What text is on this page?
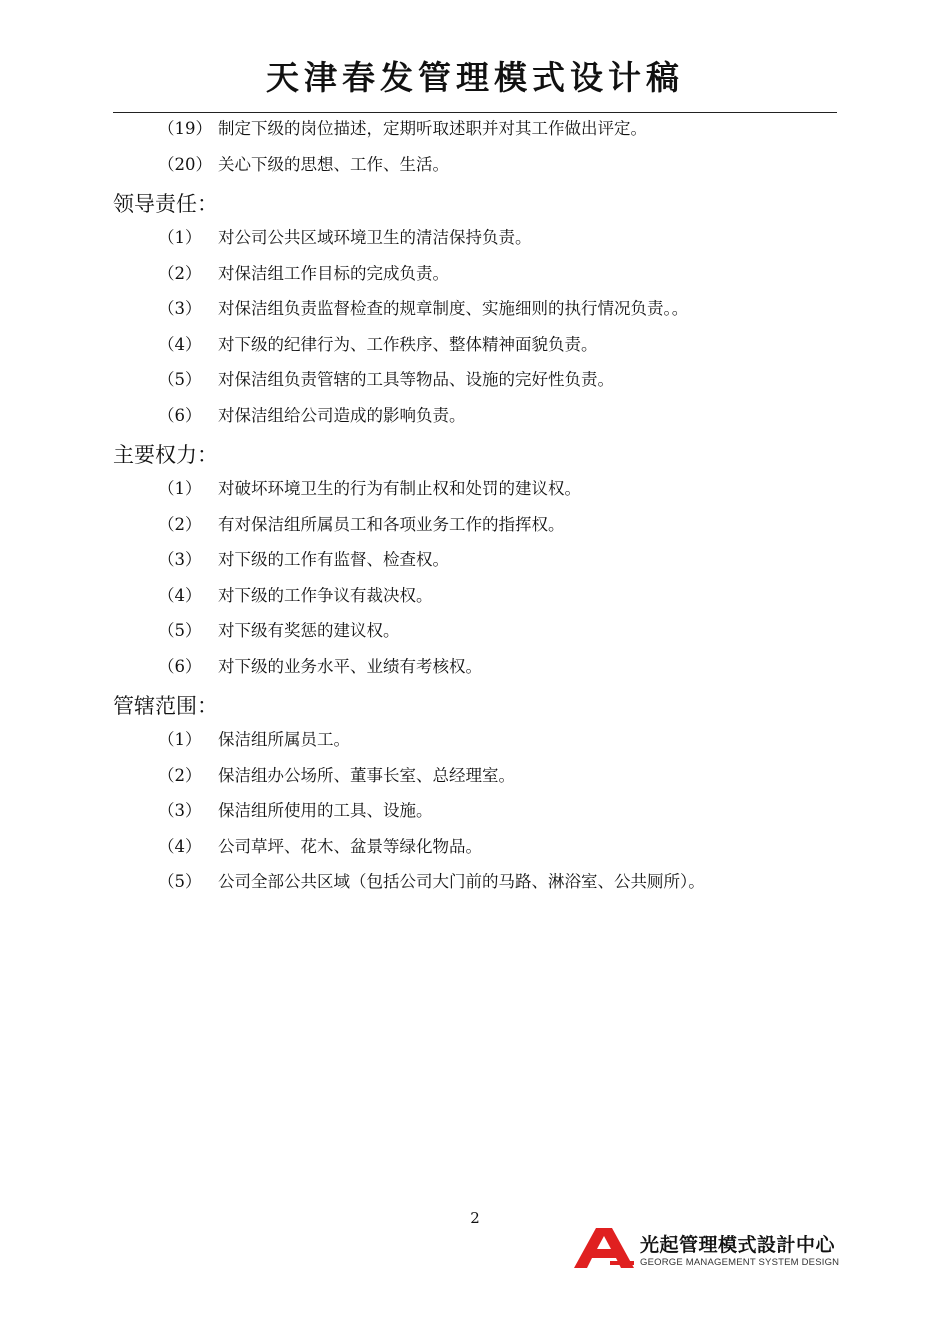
天津春发管理模式设计稿
（19） 制定下级的岗位描述，定期听取述职并对其工作做出评定。
（20） 关心下级的思想、工作、生活。
领导责任：
（1） 对公司公共区域环境卫生的清洁保持负责。
（2） 对保洁组工作目标的完成负责。
（3） 对保洁组负责监督检查的规章制度、实施细则的执行情况负责。。
（4） 对下级的纪律行为、工作秩序、整体精神面貌负责。
（5） 对保洁组负责管辖的工具等物品、设施的完好性负责。
（6） 对保洁组给公司造成的影响负责。
主要权力：
（1） 对破坏环境卫生的行为有制止权和处罚的建议权。
（2） 有对保洁组所属员工和各项业务工作的指挥权。
（3） 对下级的工作有监督、检查权。
（4） 对下级的工作争议有裁决权。
（5） 对下级有奖惩的建议权。
（6） 对下级的业务水平、业绩有考核权。
管辖范围：
（1） 保洁组所属员工。
（2） 保洁组办公场所、董事长室、总经理室。
（3） 保洁组所使用的工具、设施。
（4） 公司草坪、花木、盆景等绿化物品。
（5） 公司全部公共区域（包括公司大门前的马路、淋浴室、公共厕所）。
2
光起管理模式設計中心
GEORGE MANAGEMENT SYSTEM DESIGN
